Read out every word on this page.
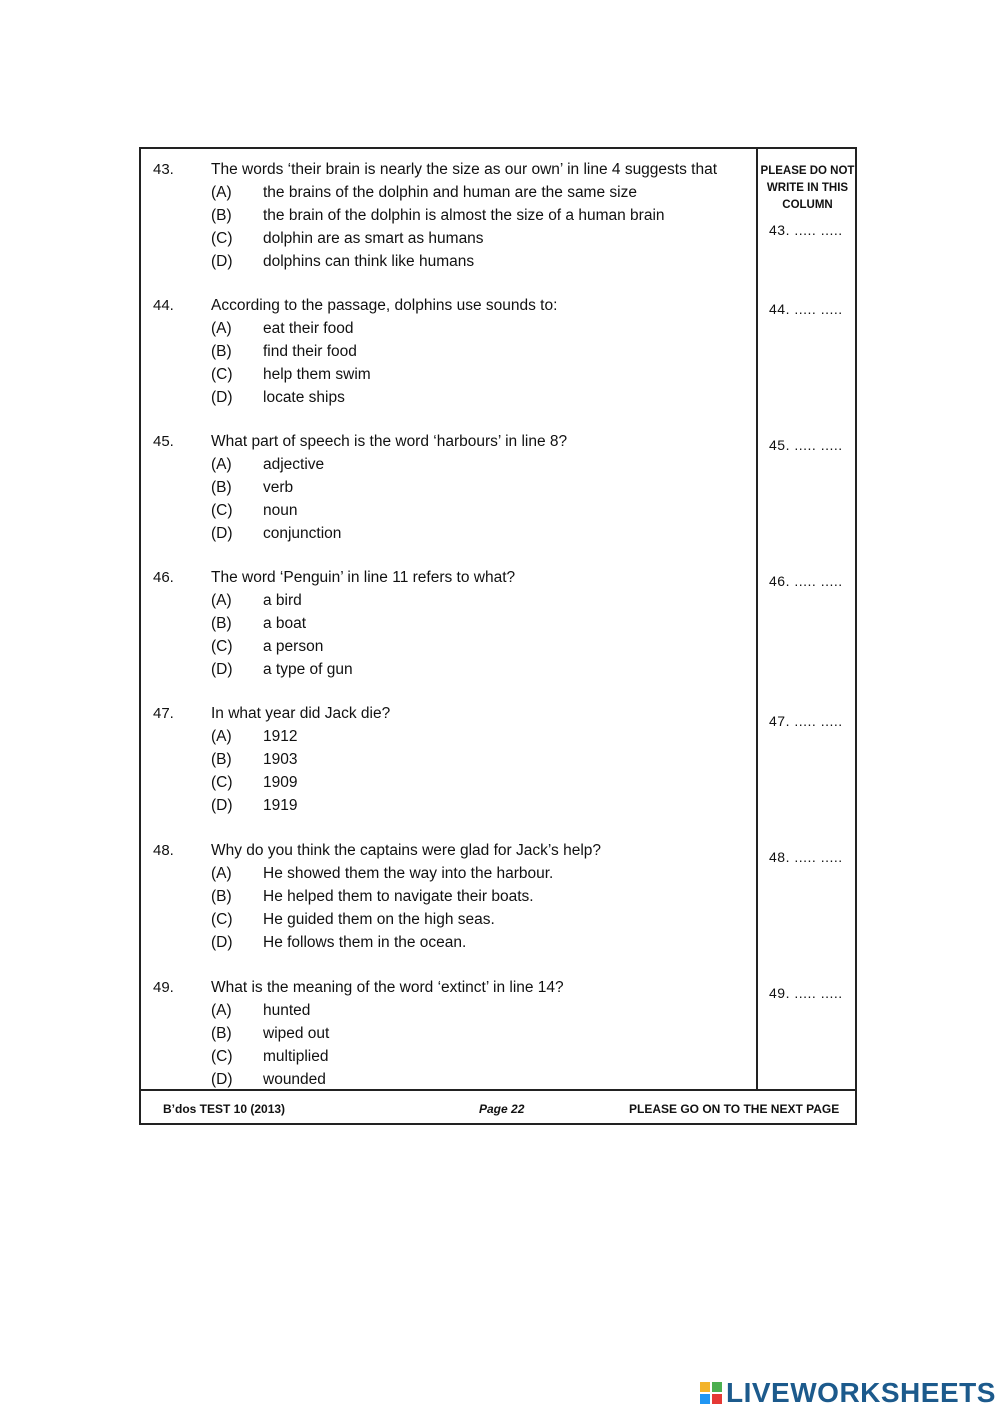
PLEASE DO NOT
WRITE IN THIS
COLUMN
43. The words ‘their brain is nearly the size as our own’ in line 4 suggests that
(A) the brains of the dolphin and human are the same size
(B) the brain of the dolphin is almost the size of a human brain
(C) dolphin are as smart as humans
(D) dolphins can think like humans
43. ..... .....
44. According to the passage, dolphins use sounds to:
(A) eat their food
(B) find their food
(C) help them swim
(D) locate ships
44. ..... .....
45. What part of speech is the word ‘harbours’ in line 8?
(A) adjective
(B) verb
(C) noun
(D) conjunction
45. ..... .....
46. The word ‘Penguin’ in line 11 refers to what?
(A) a bird
(B) a boat
(C) a person
(D) a type of gun
46. ..... .....
47. In what year did Jack die?
(A) 1912
(B) 1903
(C) 1909
(D) 1919
47. ..... .....
48. Why do you think the captains were glad for Jack’s help?
(A) He showed them the way into the harbour.
(B) He helped them to navigate their boats.
(C) He guided them on the high seas.
(D) He follows them in the ocean.
48. ..... .....
49. What is the meaning of the word ‘extinct’ in line 14?
(A) hunted
(B) wiped out
(C) multiplied
(D) wounded
49. ..... .....
B’dos TEST 10 (2013)	Page 22	PLEASE GO ON TO THE NEXT PAGE
LIVEWORKSHEETS
